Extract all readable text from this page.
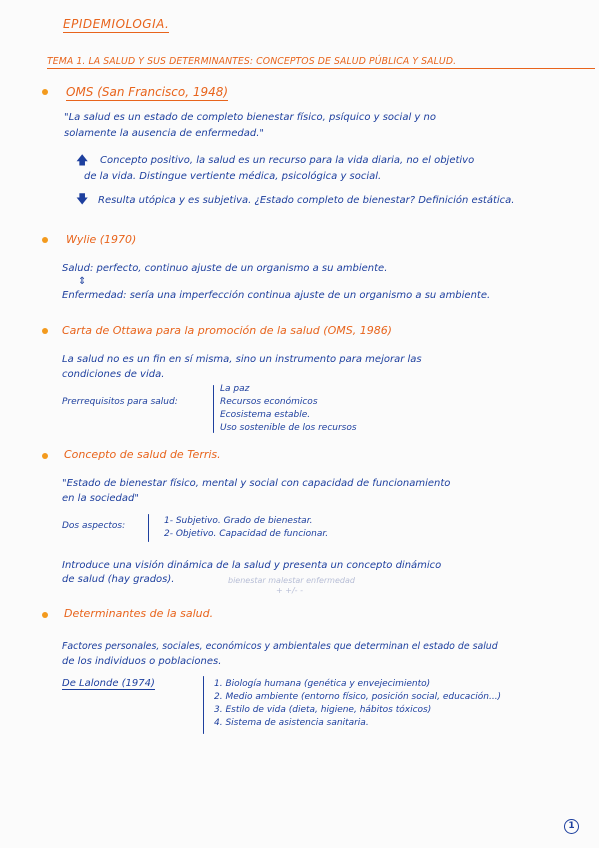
EPIDEMIOLOGIA.
TEMA 1. LA SALUD Y SUS DETERMINANTES: CONCEPTOS DE SALUD PÚBLICA Y SALUD.
OMS (San Francisco, 1948)
"La salud es un estado de completo bienestar físico, psíquico y social y no
solamente la ausencia de enfermedad."
🡅 Concepto positivo, la salud es un recurso para la vida diaria, no el objetivo
de la vida. Distingue vertiente médica, psicológica y social.
🡇 Resulta utópica y es subjetiva. ¿Estado completo de bienestar? Definición estática.
Wylie (1970)
Salud: perfecto, continuo ajuste de un organismo a su ambiente.
⇕
Enfermedad: sería una imperfección continua ajuste de un organismo a su ambiente.
Carta de Ottawa para la promoción de la salud (OMS, 1986)
La salud no es un fin en sí misma, sino un instrumento para mejorar las
condiciones de vida.
Prerrequisitos para salud:
La paz
Recursos económicos
Ecosistema estable.
Uso sostenible de los recursos
Concepto de salud de Terris.
"Estado de bienestar físico, mental y social con capacidad de funcionamiento
en la sociedad"
Dos aspectos:	1- Subjetivo. Grado de bienestar.
2- Objetivo. Capacidad de funcionar.
Introduce una visión dinámica de la salud y presenta un concepto dinámico
de salud (hay grados).	bienestar malestar enfermedad
+ +/- -
Determinantes de la salud.
Factores personales, sociales, económicos y ambientales que determinan el estado de salud
de los individuos o poblaciones.
De Lalonde (1974)	1. Biología humana (genética y envejecimiento)
2. Medio ambiente (entorno físico, posición social, educación...)
3. Estilo de vida (dieta, higiene, hábitos tóxicos)
4. Sistema de asistencia sanitaria.
1
